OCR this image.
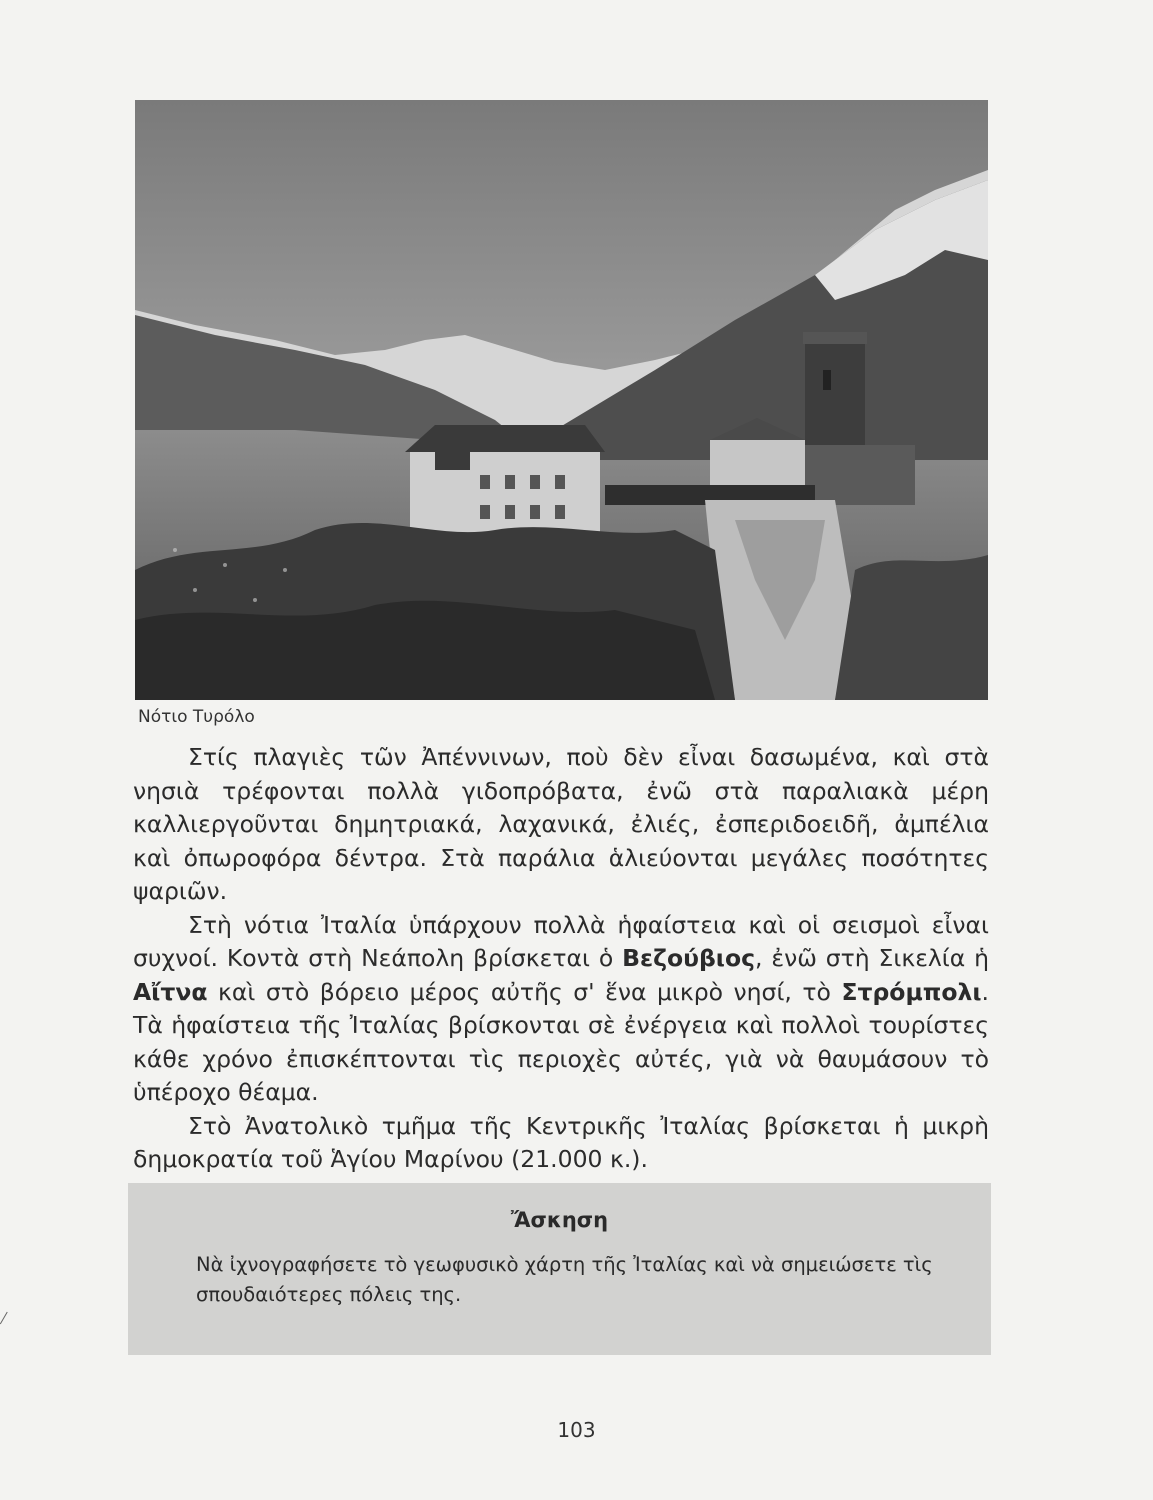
Νότιο Τυρόλο

Στίς πλαγιὲς τῶν Ἀπέννινων, ποὺ δὲν εἶναι δασωμένα, καὶ στὰ νησιὰ τρέφονται πολλὰ γιδοπρόβατα, ἐνῶ στὰ παραλιακὰ μέρη καλλιεργοῦνται δημητριακά, λαχανικά, ἐλιές, ἐσπεριδοειδῆ, ἀμπέλια καὶ ὀπωροφόρα δέντρα. Στὰ παράλια ἁλιεύονται μεγάλες ποσότητες ψαριῶν.

Στὴ νότια Ἰταλία ὑπάρχουν πολλὰ ἡφαίστεια καὶ οἱ σεισμοὶ εἶναι συχνοί. Κοντὰ στὴ Νεάπολη βρίσκεται ὁ Βεζούβιος, ἐνῶ στὴ Σικελία ἡ Αἴτνα καὶ στὸ βόρειο μέρος αὐτῆς σ' ἕνα μικρὸ νησί, τὸ Στρόμπολι. Τὰ ἡφαίστεια τῆς Ἰταλίας βρίσκονται σὲ ἐνέργεια καὶ πολλοὶ τουρίστες κάθε χρόνο ἐπισκέπτονται τὶς περιοχὲς αὐτές, γιὰ νὰ θαυμάσουν τὸ ὑπέροχο θέαμα.

Στὸ Ἀνατολικὸ τμῆμα τῆς Κεντρικῆς Ἰταλίας βρίσκεται ἡ μικρὴ δημοκρατία τοῦ Ἁγίου Μαρίνου (21.000 κ.).

Ἄσκηση
Νὰ ἰχνογραφήσετε τὸ γεωφυσικὸ χάρτη τῆς Ἰταλίας καὶ νὰ σημειώσετε τὶς σπουδαιότερες πόλεις της.
103
